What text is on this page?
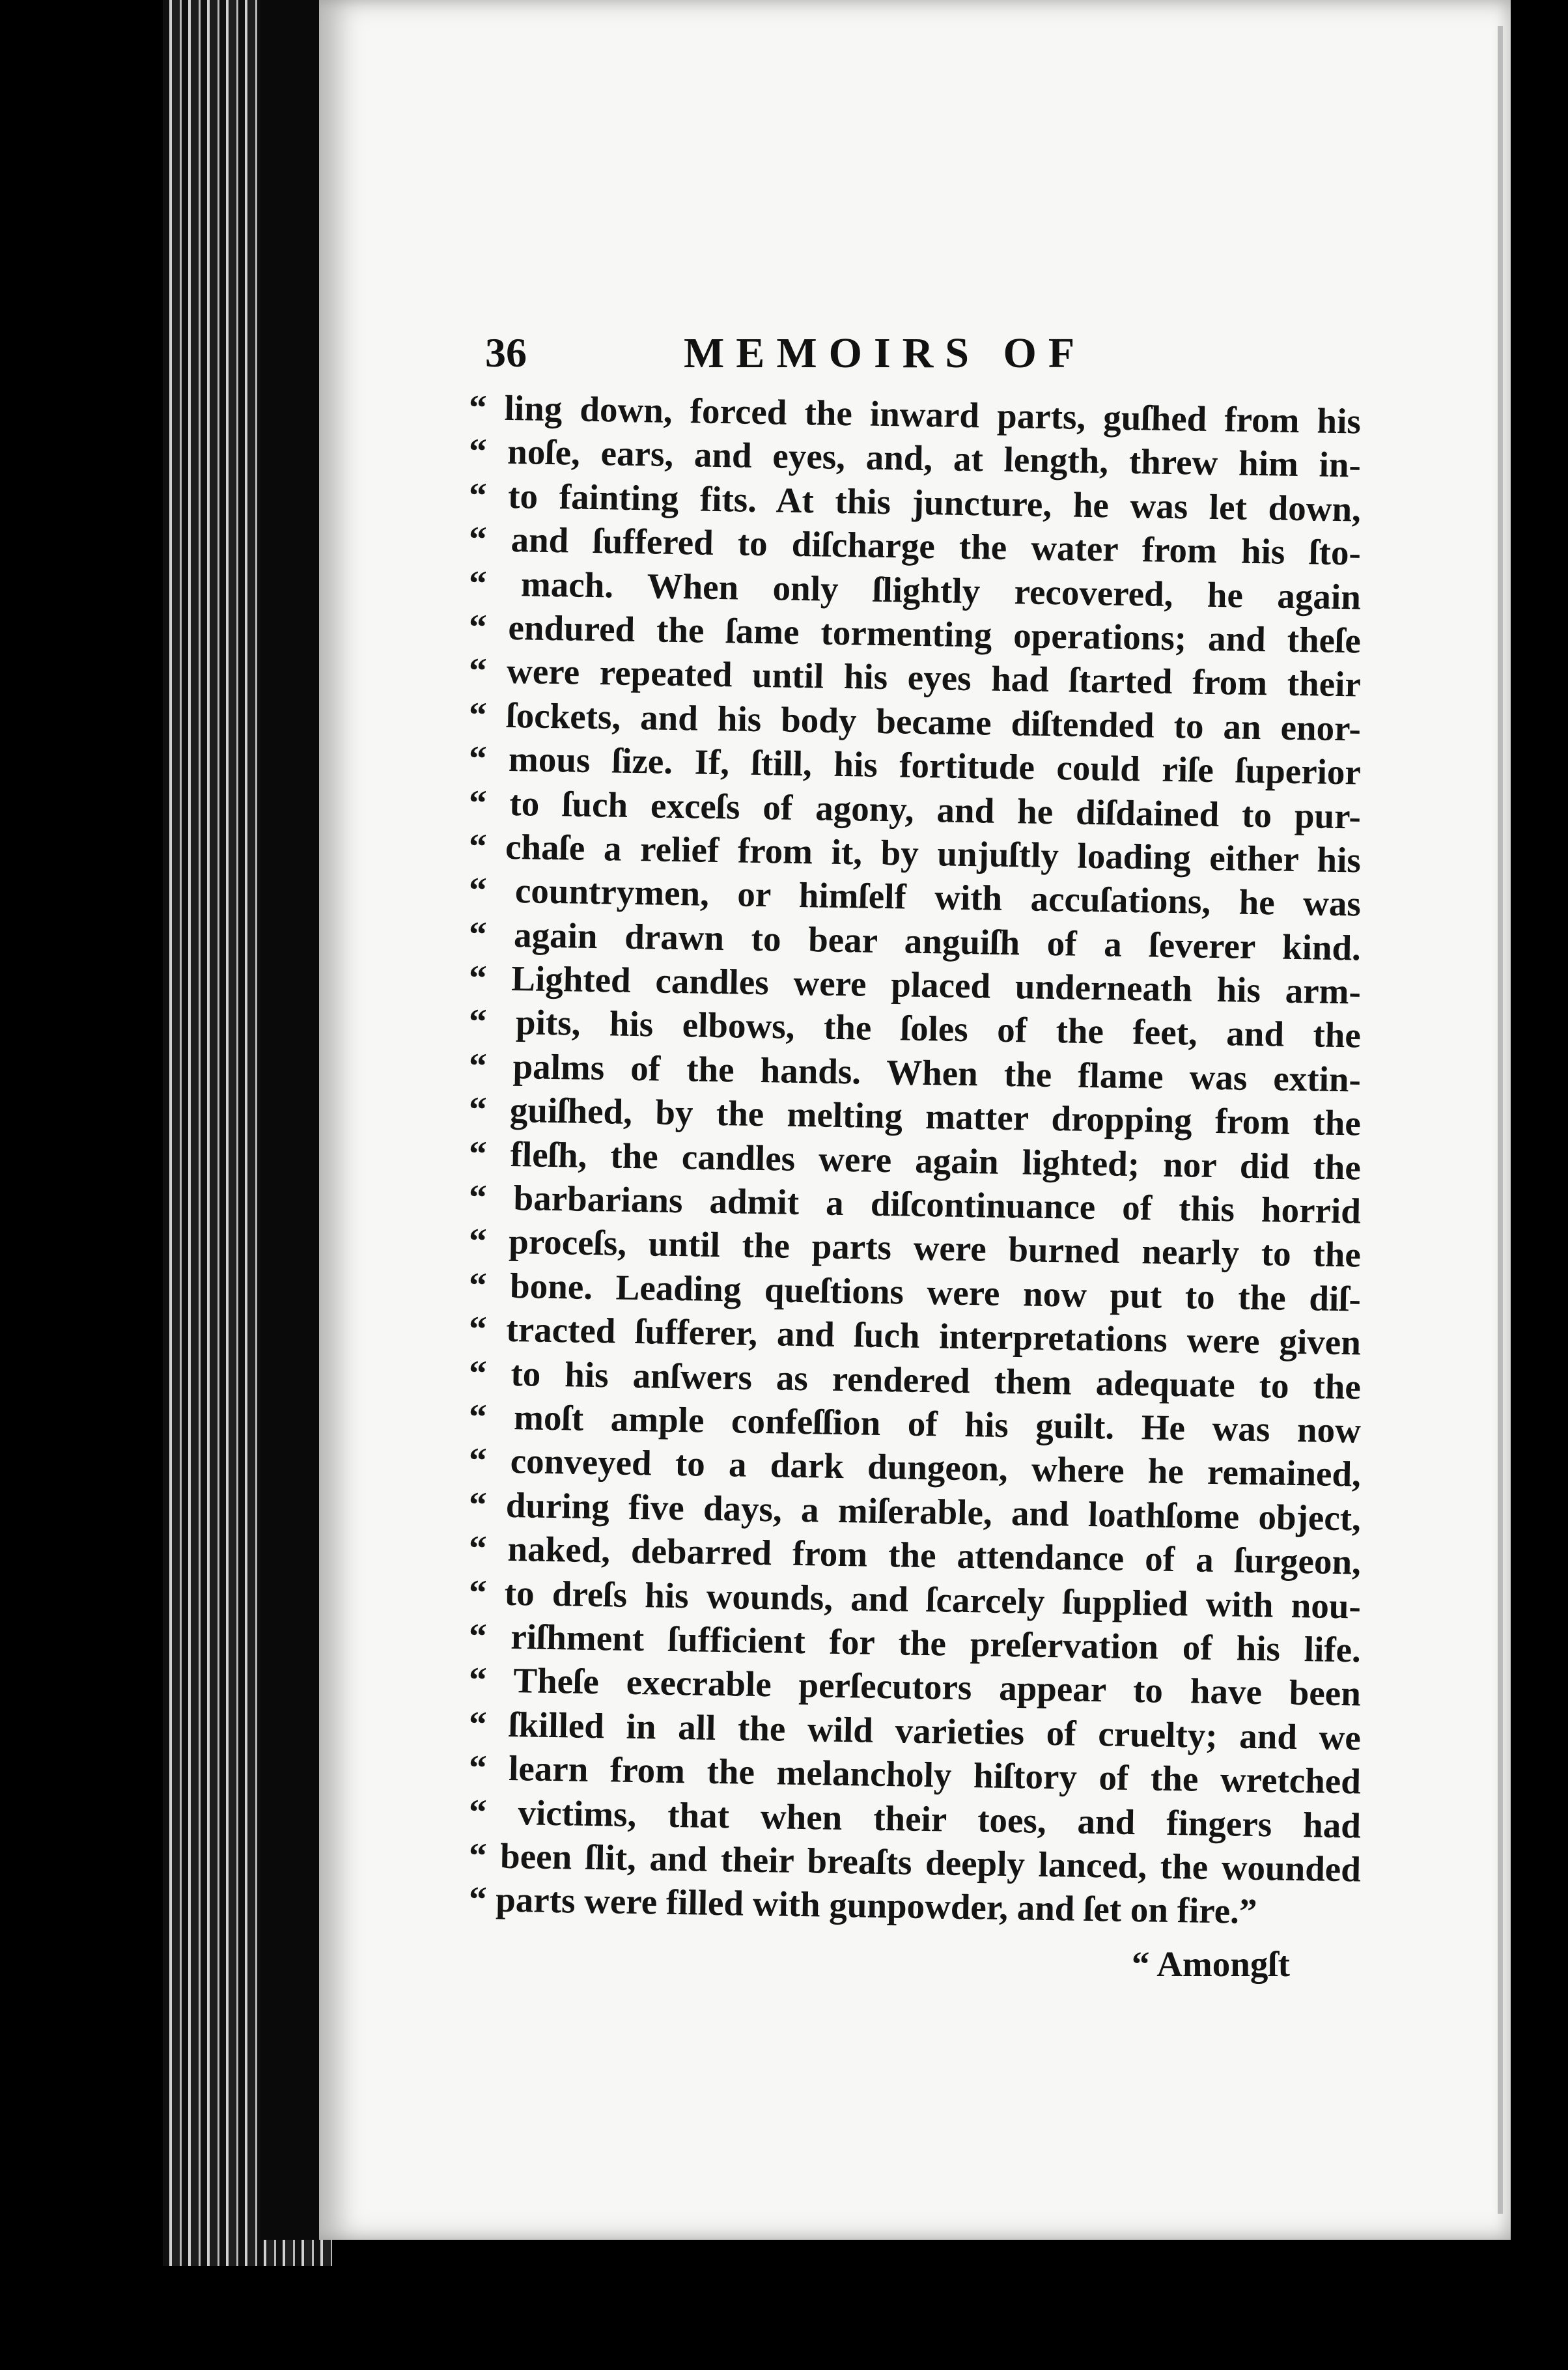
36	MEMOIRS OF
“ ling down, forced the inward parts, guſhed from his
“ noſe, ears, and eyes, and, at length, threw him in-
“ to fainting fits. At this juncture, he was let down,
“ and ſuffered to diſcharge the water from his ſto-
“ mach. When only ſlightly recovered, he again
“ endured the ſame tormenting operations; and theſe
“ were repeated until his eyes had ſtarted from their
“ ſockets, and his body became diſtended to an enor-
“ mous ſize. If, ſtill, his fortitude could riſe ſuperior
“ to ſuch exceſs of agony, and he diſdained to pur-
“ chaſe a relief from it, by unjuſtly loading either his
“ countrymen, or himſelf with accuſations, he was
“ again drawn to bear anguiſh of a ſeverer kind.
“ Lighted candles were placed underneath his arm-
“ pits, his elbows, the ſoles of the feet, and the
“ palms of the hands. When the flame was extin-
“ guiſhed, by the melting matter dropping from the
“ fleſh, the candles were again lighted; nor did the
“ barbarians admit a diſcontinuance of this horrid
“ proceſs, until the parts were burned nearly to the
“ bone. Leading queſtions were now put to the diſ-
“ tracted ſufferer, and ſuch interpretations were given
“ to his anſwers as rendered them adequate to the
“ moſt ample confeſſion of his guilt. He was now
“ conveyed to a dark dungeon, where he remained,
“ during five days, a miſerable, and loathſome object,
“ naked, debarred from the attendance of a ſurgeon,
“ to dreſs his wounds, and ſcarcely ſupplied with nou-
“ riſhment ſufficient for the preſervation of his life.
“ Theſe execrable perſecutors appear to have been
“ ſkilled in all the wild varieties of cruelty; and we
“ learn from the melancholy hiſtory of the wretched
“ victims, that when their toes, and fingers had
“ been ſlit, and their breaſts deeply lanced, the wounded
“ parts were filled with gunpowder, and ſet on fire.”
“ Amongſt
